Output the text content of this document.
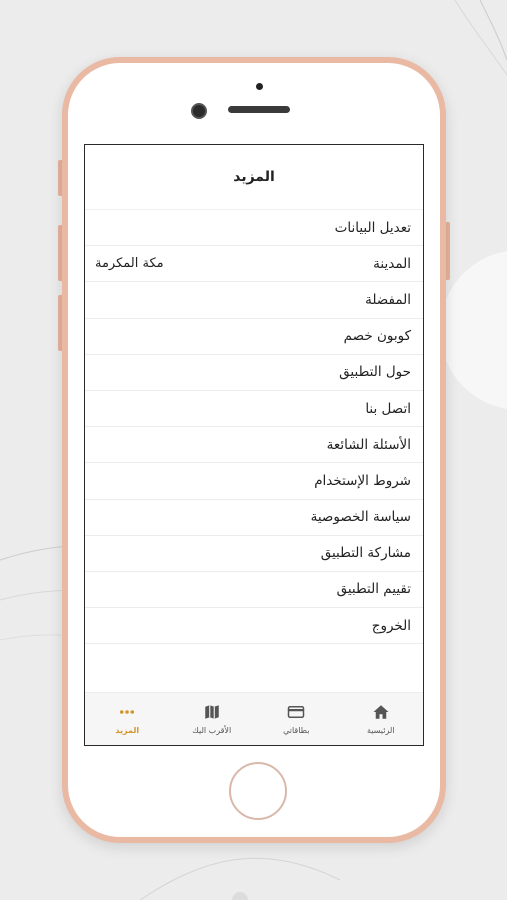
المزيد
تعديل البيانات
المدينة
مكة المكرمة
المفضلة
كوبون خصم
حول التطبيق
اتصل بنا
الأسئلة الشائعة
شروط الإستخدام
سياسة الخصوصية
مشاركة التطبيق
تقييم التطبيق
الخروج
الرئيسية
بطاقاتي
الأقرب اليك
المزيد
